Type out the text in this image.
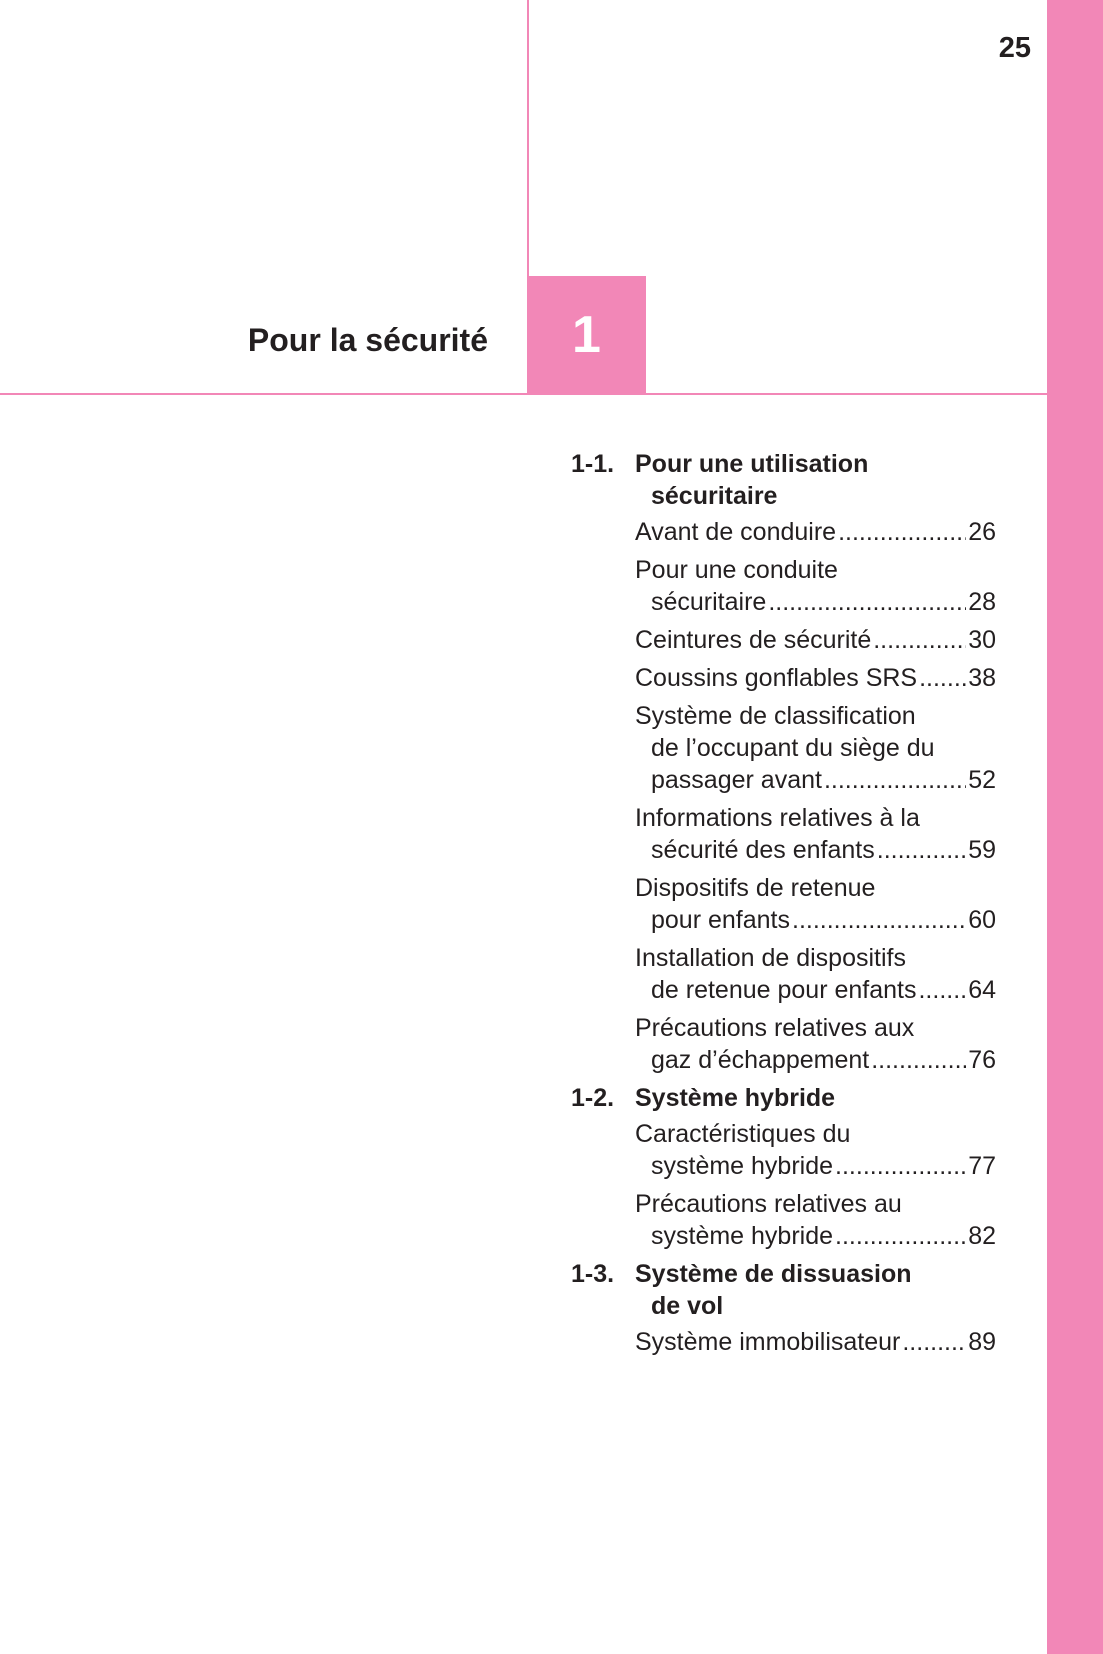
25
Pour la sécurité	1
1-1. Pour une utilisation
sécuritaire
Avant de conduire .....	26
Pour une conduite
sécuritaire .....	28
Ceintures de sécurité .....	30
Coussins gonflables SRS ..... 38
Système de classification
de l’occupant du siège du
passager avant .....	52
Informations relatives à la
sécurité des enfants .....	59
Dispositifs de retenue
pour enfants .....	60
Installation de dispositifs
de retenue pour enfants ..... 64
Précautions relatives aux
gaz d’échappement .....	76
1-2. Système hybride
Caractéristiques du
système hybride .....	77
Précautions relatives au
système hybride .....	82
1-3. Système de dissuasion
de vol
Système immobilisateur .....	89
